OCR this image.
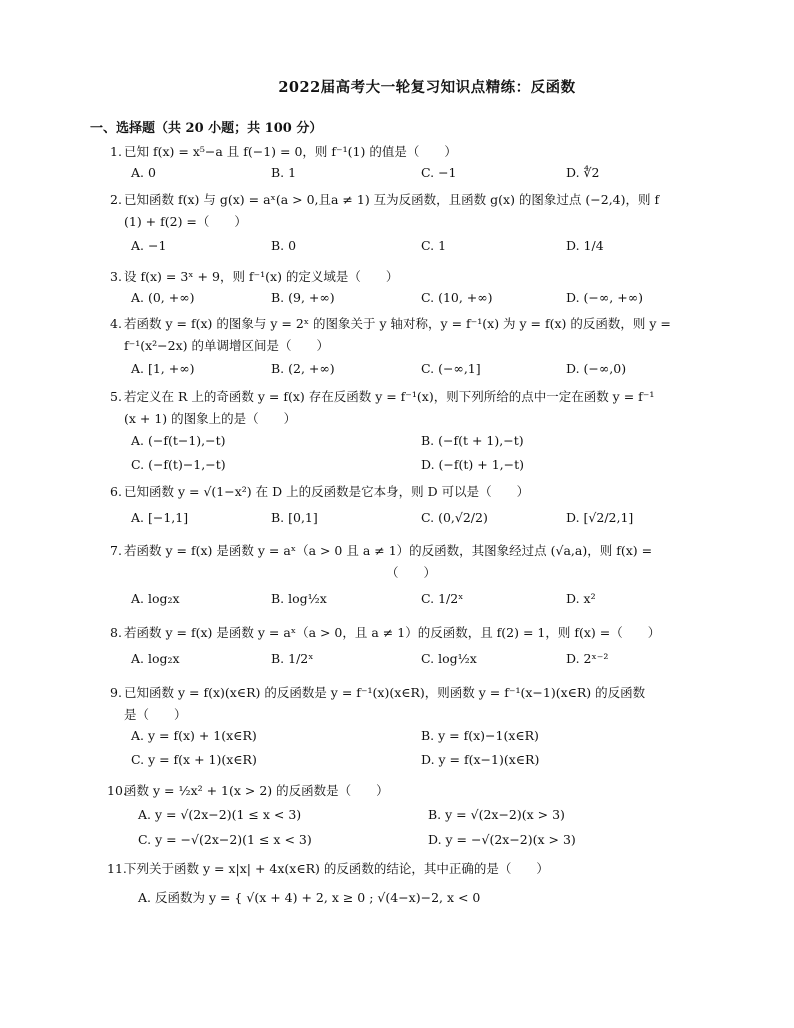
2022届高考大一轮复习知识点精练：反函数
一、选择题（共 20 小题；共 100 分）
1. 已知 f(x) = x⁵−a 且 f(−1) = 0，则 f⁻¹(1) 的值是（　　）
A. 0	B. 1	C. −1	D. ∜2
2. 已知函数 f(x) 与 g(x) = aˣ(a > 0,且a ≠ 1) 互为反函数，且函数 g(x) 的图象过点 (−2,4)，则 f
(1) + f(2) =（　　）
A. −1	B. 0	C. 1	D. 1/4
3. 设 f(x) = 3ˣ + 9，则 f⁻¹(x) 的定义域是（　　）
A. (0, +∞)	B. (9, +∞)	C. (10, +∞)	D. (−∞, +∞)
4. 若函数 y = f(x) 的图象与 y = 2ˣ 的图象关于 y 轴对称，y = f⁻¹(x) 为 y = f(x) 的反函数，则 y =
f⁻¹(x²−2x) 的单调增区间是（　　）
A. [1, +∞)	B. (2, +∞)	C. (−∞,1]	D. (−∞,0)
5. 若定义在 R 上的奇函数 y = f(x) 存在反函数 y = f⁻¹(x)，则下列所给的点中一定在函数 y = f⁻¹
(x + 1) 的图象上的是（　　）
A. (−f(t−1),−t)	B. (−f(t + 1),−t)
C. (−f(t)−1,−t)	D. (−f(t) + 1,−t)
6. 已知函数 y = √(1−x²) 在 D 上的反函数是它本身，则 D 可以是（　　）
A. [−1,1]	B. [0,1]	C. (0,√2/2)	D. [√2/2,1]
7. 若函数 y = f(x) 是函数 y = aˣ（a > 0 且 a ≠ 1）的反函数，其图象经过点 (√a,a)，则 f(x) =
（　　）
A. log₂x	B. log½x	C. 1/2ˣ	D. x²
8. 若函数 y = f(x) 是函数 y = aˣ（a > 0，且 a ≠ 1）的反函数，且 f(2) = 1，则 f(x) =（　　）
A. log₂x	B. 1/2ˣ	C. log½x	D. 2ˣ⁻²
9. 已知函数 y = f(x)(x∈R) 的反函数是 y = f⁻¹(x)(x∈R)，则函数 y = f⁻¹(x−1)(x∈R) 的反函数
是（　　）
A. y = f(x) + 1(x∈R)	B. y = f(x)−1(x∈R)
C. y = f(x + 1)(x∈R)	D. y = f(x−1)(x∈R)
10.
函数 y = ½x² + 1(x > 2) 的反函数是（　　）
A. y = √(2x−2)(1 ≤ x < 3)	B. y = √(2x−2)(x > 3)
C. y = −√(2x−2)(1 ≤ x < 3)	D. y = −√(2x−2)(x > 3)
11.
下列关于函数 y = x|x| + 4x(x∈R) 的反函数的结论，其中正确的是（　　）
A. 反函数为 y = { √(x + 4) + 2, x ≥ 0 ; √(4−x)−2, x < 0
